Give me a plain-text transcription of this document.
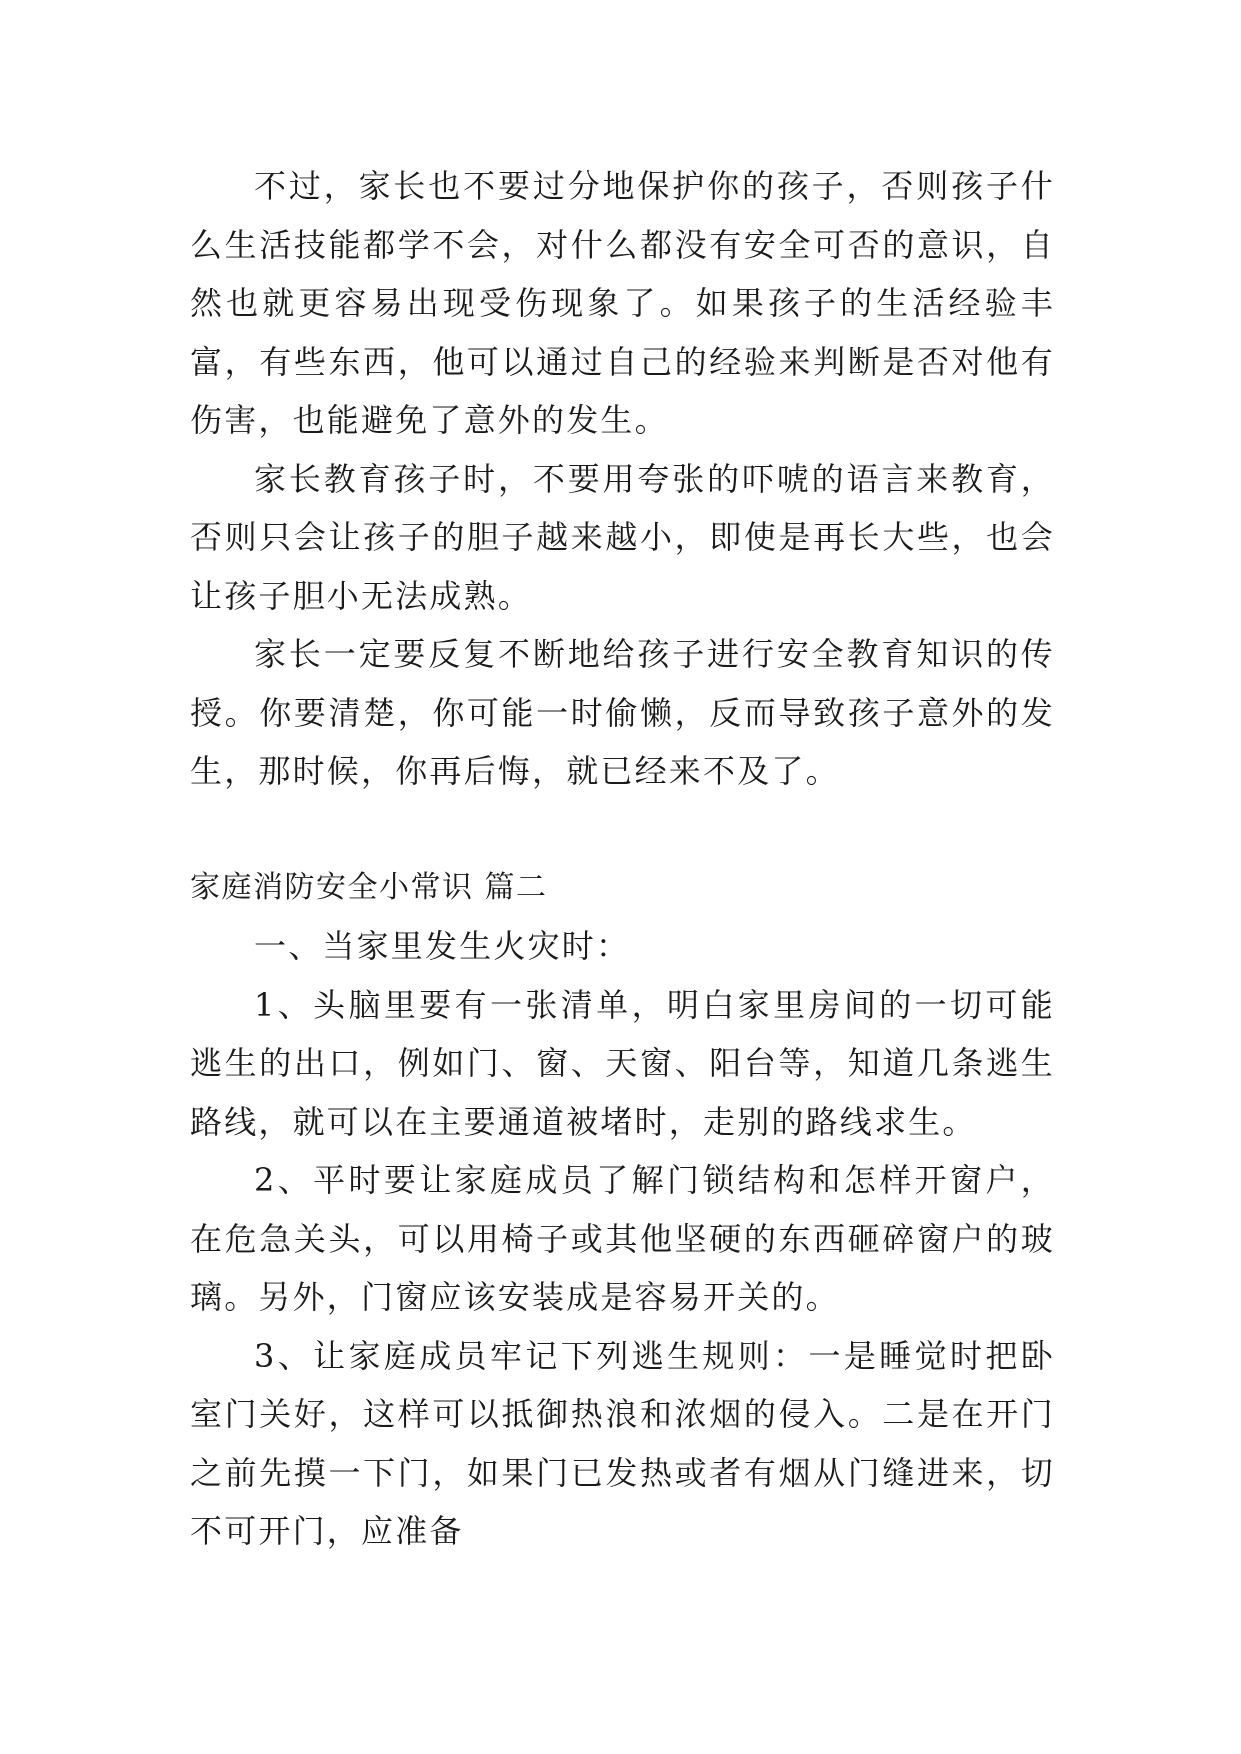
不过，家长也不要过分地保护你的孩子，否则孩子什么生活技能都学不会，对什么都没有安全可否的意识，自然也就更容易出现受伤现象了。如果孩子的生活经验丰富，有些东西，他可以通过自己的经验来判断是否对他有伤害，也能避免了意外的发生。

家长教育孩子时，不要用夸张的吓唬的语言来教育，否则只会让孩子的胆子越来越小，即使是再长大些，也会让孩子胆小无法成熟。

家长一定要反复不断地给孩子进行安全教育知识的传授。你要清楚，你可能一时偷懒，反而导致孩子意外的发生，那时候，你再后悔，就已经来不及了。

家庭消防安全小常识 篇二

一、当家里发生火灾时：

1、头脑里要有一张清单，明白家里房间的一切可能逃生的出口，例如门、窗、天窗、阳台等，知道几条逃生路线，就可以在主要通道被堵时，走别的路线求生。

2、平时要让家庭成员了解门锁结构和怎样开窗户，在危急关头，可以用椅子或其他坚硬的东西砸碎窗户的玻璃。另外，门窗应该安装成是容易开关的。

3、让家庭成员牢记下列逃生规则：一是睡觉时把卧室门关好，这样可以抵御热浪和浓烟的侵入。二是在开门之前先摸一下门，如果门已发热或者有烟从门缝进来，切不可开门，应准备
